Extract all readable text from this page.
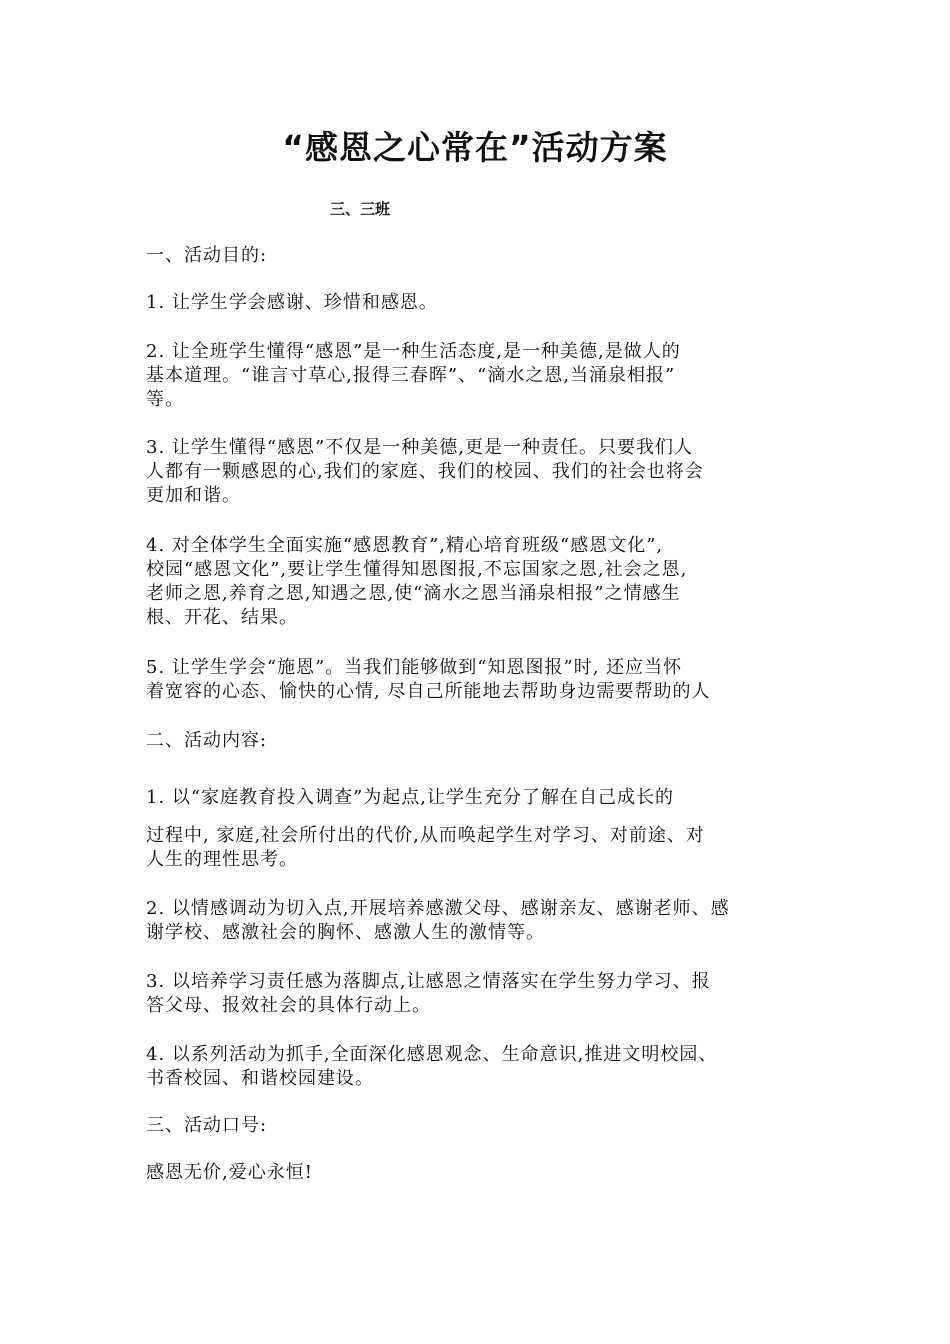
“感恩之心常在”活动方案

三、三班

一、活动目的:

1. 让学生学会感谢、珍惜和感恩。

2. 让全班学生懂得“感恩”是一种生活态度,是一种美德,是做人的
基本道理。“谁言寸草心,报得三春晖”、“滴水之恩,当涌泉相报”
等。

3. 让学生懂得“感恩”不仅是一种美德,更是一种责任。只要我们人
人都有一颗感恩的心,我们的家庭、我们的校园、我们的社会也将会
更加和谐。

4. 对全体学生全面实施“感恩教育”,精心培育班级“感恩文化”,
校园“感恩文化”,要让学生懂得知恩图报,不忘国家之恩,社会之恩,
老师之恩,养育之恩,知遇之恩,使“滴水之恩当涌泉相报”之情感生
根、开花、结果。

5. 让学生学会“施恩”。当我们能够做到“知恩图报”时, 还应当怀
着宽容的心态、愉快的心情, 尽自己所能地去帮助身边需要帮助的人

二、活动内容:

1. 以“家庭教育投入调查”为起点,让学生充分了解在自己成长的

过程中, 家庭,社会所付出的代价,从而唤起学生对学习、对前途、对
人生的理性思考。

2. 以情感调动为切入点,开展培养感激父母、感谢亲友、感谢老师、感
谢学校、感激社会的胸怀、感激人生的激情等。

3. 以培养学习责任感为落脚点,让感恩之情落实在学生努力学习、报
答父母、报效社会的具体行动上。

4. 以系列活动为抓手,全面深化感恩观念、生命意识,推进文明校园、
书香校园、和谐校园建设。

三、活动口号:

感恩无价,爱心永恒!
